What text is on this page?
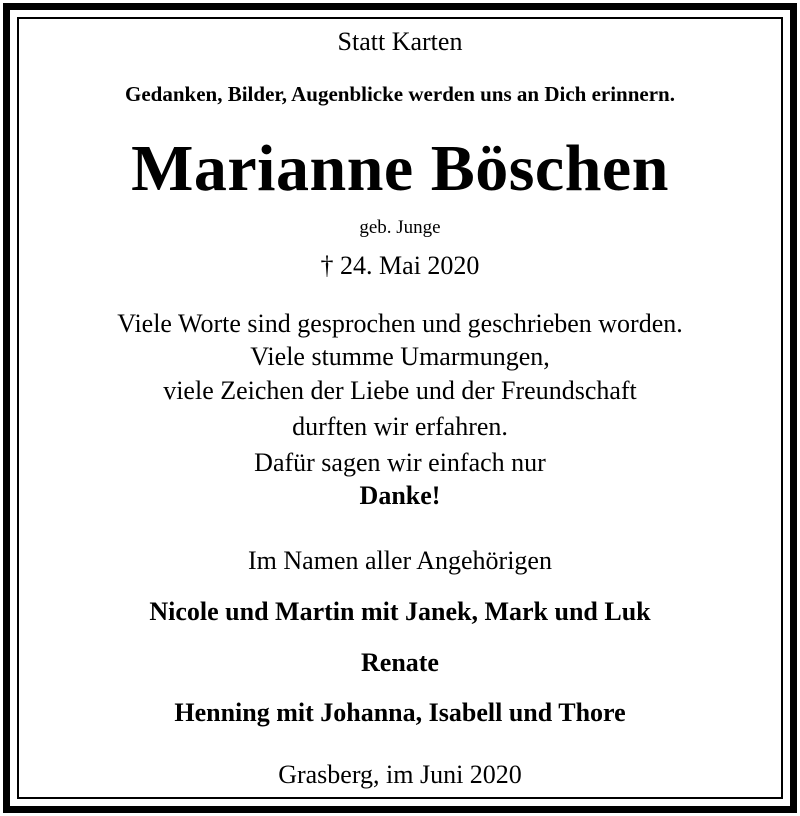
Statt Karten
Gedanken, Bilder, Augenblicke werden uns an Dich erinnern.
Marianne Böschen
geb. Junge
† 24. Mai 2020
Viele Worte sind gesprochen und geschrieben worden.
Viele stumme Umarmungen,
viele Zeichen der Liebe und der Freundschaft
durften wir erfahren.
Dafür sagen wir einfach nur
Danke!
Im Namen aller Angehörigen
Nicole und Martin mit Janek, Mark und Luk
Renate
Henning mit Johanna, Isabell und Thore
Grasberg, im Juni 2020
